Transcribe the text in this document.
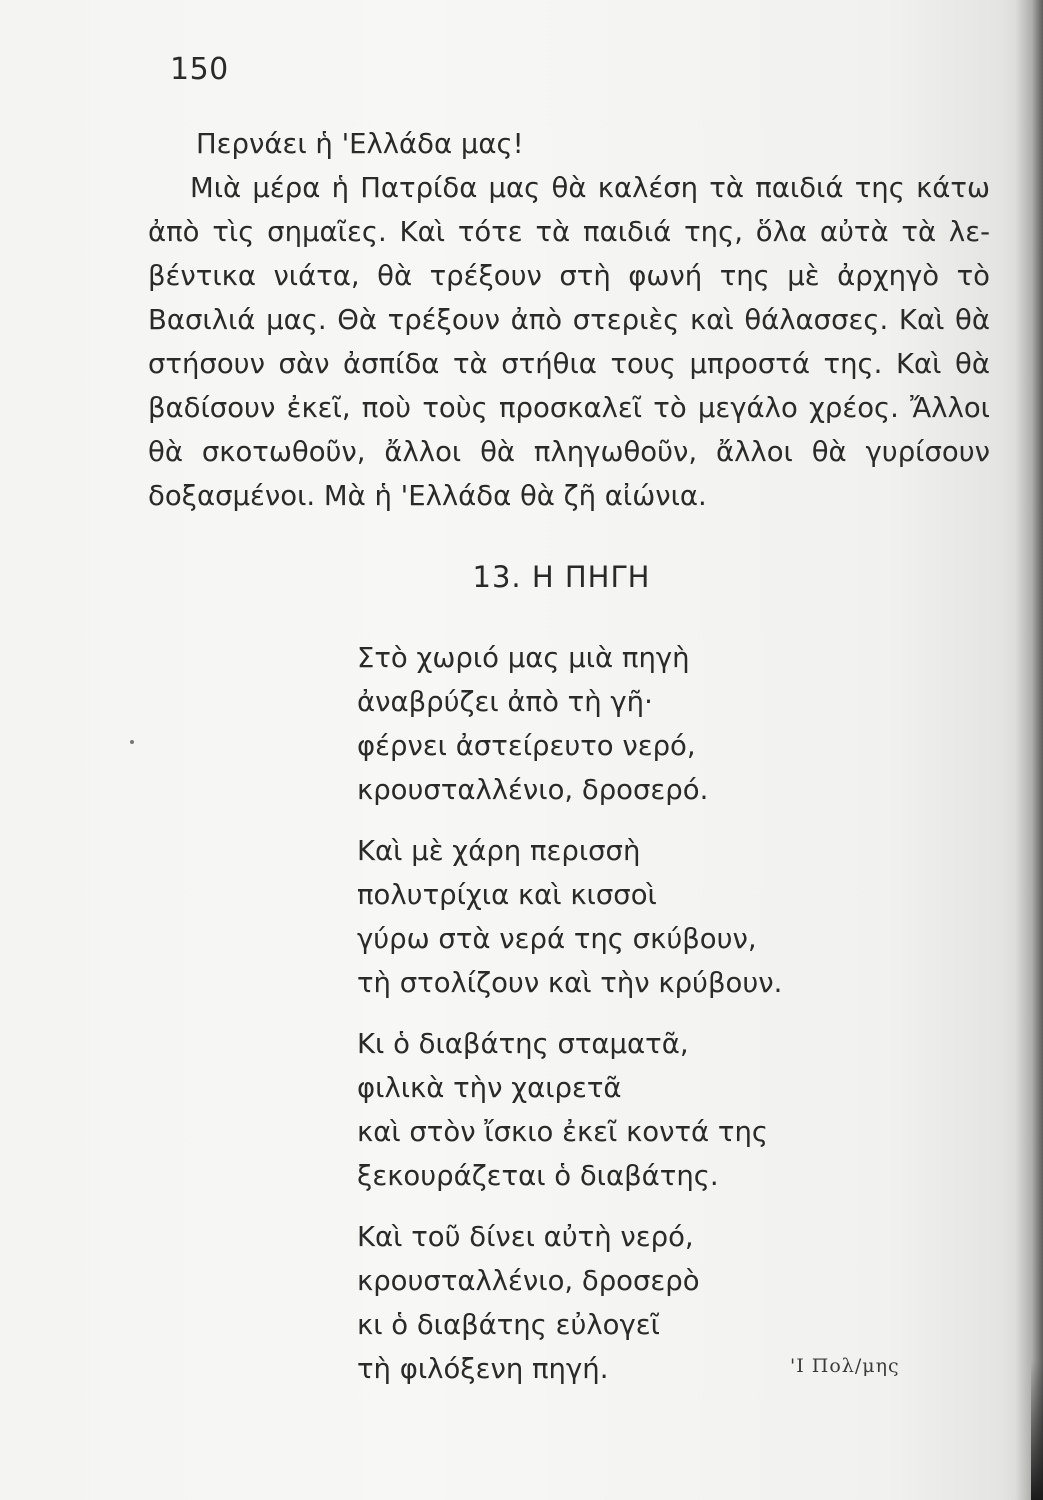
150
Περνάει ἡ 'Ελλάδα μας!
Μιὰ μέρα ἡ Πατρίδα μας θὰ καλέση τὰ παιδιά της κάτω
ἀπὸ τὶς σημαῖες. Καὶ τότε τὰ παιδιά της, ὅλα αὐτὰ τὰ λε-
βέντικα νιάτα, θὰ τρέξουν στὴ φωνή της μὲ ἀρχηγὸ τὸ
Βασιλιά μας. Θὰ τρέξουν ἀπὸ στεριὲς καὶ θάλασσες. Καὶ θὰ
στήσουν σὰν ἀσπίδα τὰ στήθια τους μπροστά της. Καὶ θὰ
βαδίσουν ἐκεῖ, ποὺ τοὺς προσκαλεῖ τὸ μεγάλο χρέος. Ἄλλοι
θὰ σκοτωθοῦν, ἄλλοι θὰ πληγωθοῦν, ἄλλοι θὰ γυρίσουν
δοξασμένοι. Μὰ ἡ 'Ελλάδα θὰ ζῆ αἰώνια.
13. Η ΠΗΓΗ
Στὸ χωριό μας μιὰ πηγὴ
ἀναβρύζει ἀπὸ τὴ γῆ·
φέρνει ἀστείρευτο νερό,
κρουσταλλένιο, δροσερό.
Καὶ μὲ χάρη περισσὴ
πολυτρίχια καὶ κισσοὶ
γύρω στὰ νερά της σκύβουν,
τὴ στολίζουν καὶ τὴν κρύβουν.
Κι ὁ διαβάτης σταματᾶ,
φιλικὰ τὴν χαιρετᾶ
καὶ στὸν ἴσκιο ἐκεῖ κοντά της
ξεκουράζεται ὁ διαβάτης.
Καὶ τοῦ δίνει αὐτὴ νερό,
κρουσταλλένιο, δροσερὸ
κι ὁ διαβάτης εὐλογεῖ
τὴ φιλόξενη πηγή.	'Ι Πολ/μης
